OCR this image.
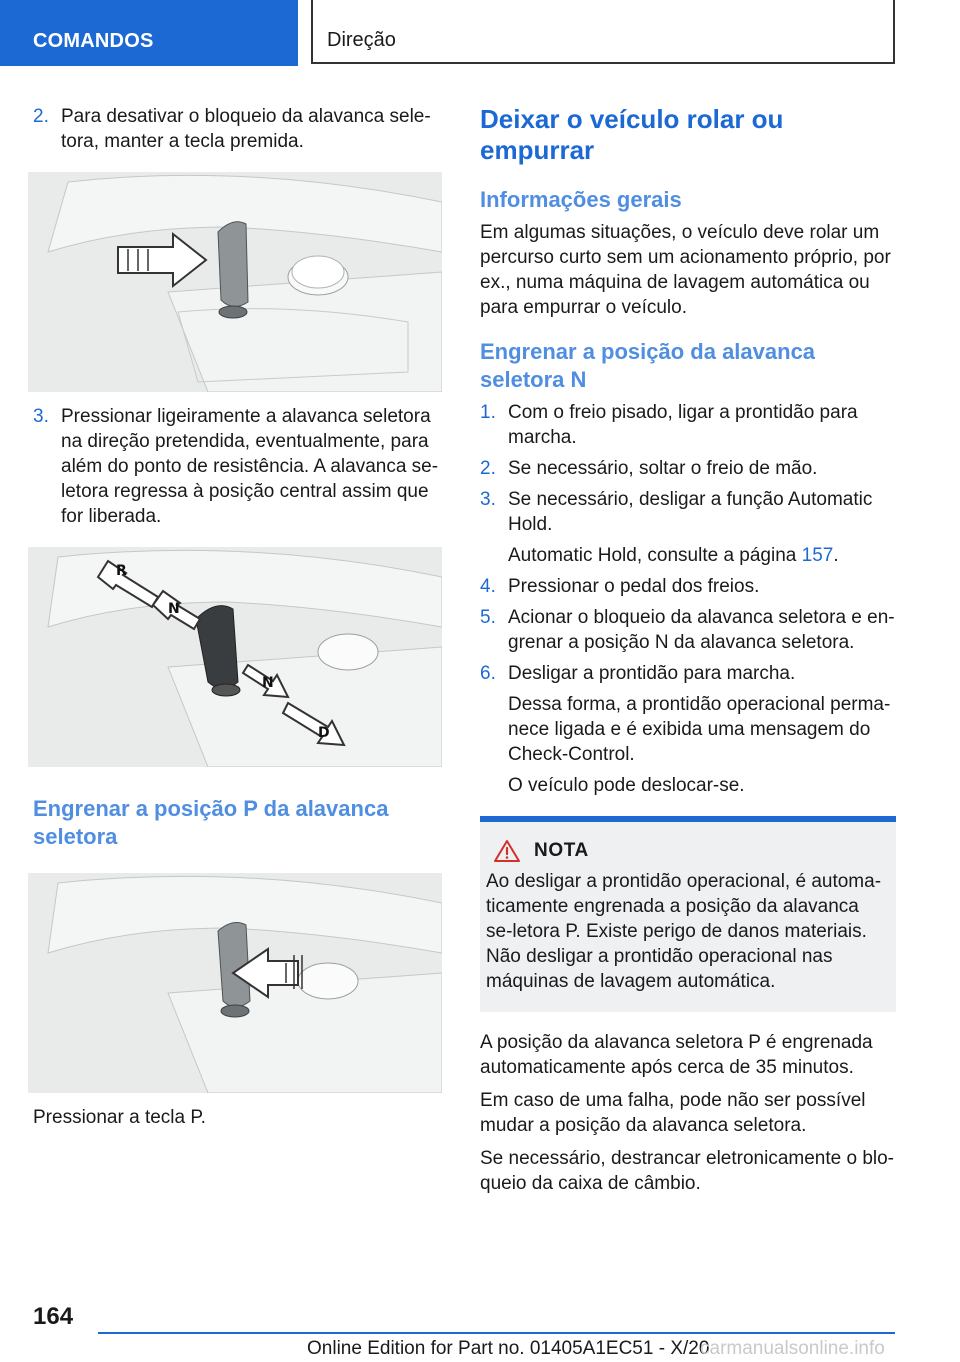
COMANDOS	Direção
2. Para desativar o bloqueio da alavanca sele-tora, manter a tecla premida.

3. Pressionar ligeiramente a alavanca seletora na direção pretendida, eventualmente, para além do ponto de resistência. A alavanca se-letora regressa à posição central assim que for liberada.

R
N
N
D
Engrenar a posição P da alavanca seletora

Pressionar a tecla P.

Deixar o veículo rolar ou empurrar
Informações gerais

Em algumas situações, o veículo deve rolar um percurso curto sem um acionamento próprio, por ex., numa máquina de lavagem automática ou para empurrar o veículo.

Engrenar a posição da alavanca seletora N
1. Com o freio pisado, ligar a prontidão para marcha.

2. Se necessário, soltar o freio de mão.

3. Se necessário, desligar a função Automatic Hold.

Automatic Hold, consulte a página 157.

4. Pressionar o pedal dos freios.

5. Acionar o bloqueio da alavanca seletora e en-grenar a posição N da alavanca seletora.

6. Desligar a prontidão para marcha.

Dessa forma, a prontidão operacional perma-nece ligada e é exibida uma mensagem do Check-Control.

O veículo pode deslocar-se.

NOTA

Ao desligar a prontidão operacional, é automa-ticamente engrenada a posição da alavanca se-letora P. Existe perigo de danos materiais. Não desligar a prontidão operacional nas máquinas de lavagem automática.

A posição da alavanca seletora P é engrenada automaticamente após cerca de 35 minutos.

Em caso de uma falha, pode não ser possível mudar a posição da alavanca seletora.

Se necessário, destrancar eletronicamente o blo-queio da caixa de câmbio.

164
Online Edition for Part no. 01405A1EC51 - X/20
carmanualsonline.info
